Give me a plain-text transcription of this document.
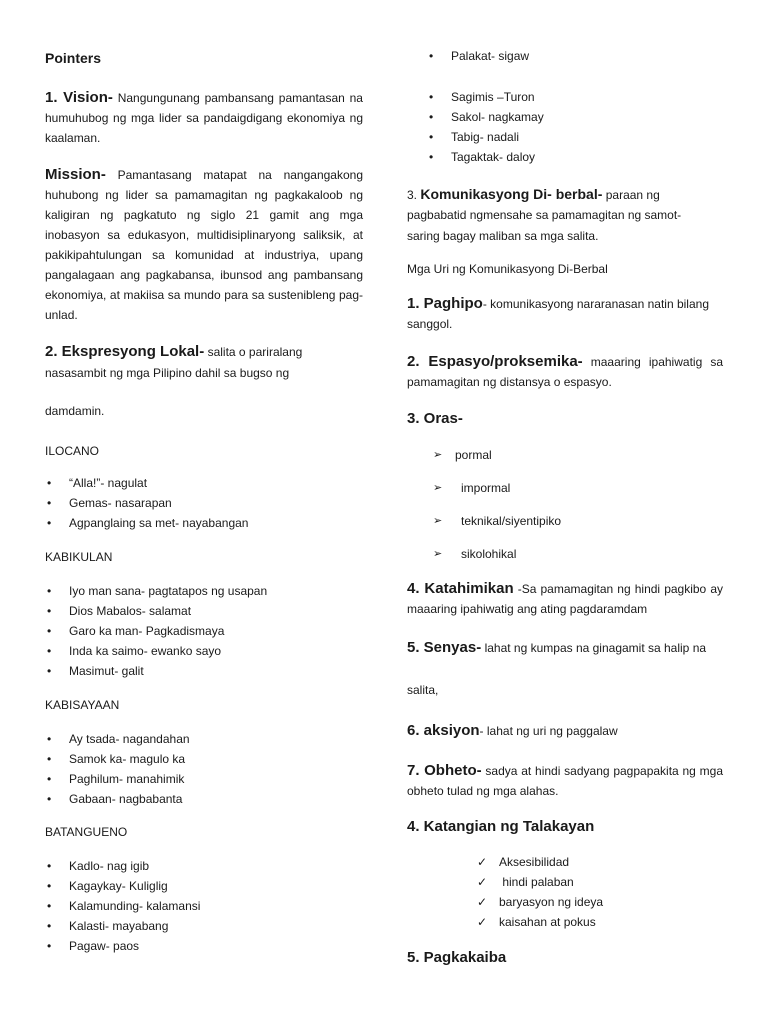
Pointers
1. Vision- Nangungunang pambansang pamantasan na humuhubog ng mga lider sa pandaigdigang ekonomiya ng kaalaman.
Mission- Pamantasang matapat na nangangakong huhubong ng lider sa pamamagitan ng pagkakaloob ng kaligiran ng pagkatuto ng siglo 21 gamit ang mga inobasyon sa edukasyon, multidisiplinaryong saliksik, at pakikipahtulungan sa komunidad at industriya, upang pangalagaan ang pagkabansa, ibunsod ang pambansang ekonomiya, at makiisa sa mundo para sa sustenibleng pag-unlad.
2. Ekspresyong Lokal- salita o pariralang
nasasambit ng mga Pilipino dahil sa bugso ng
damdamin.
ILOCANO
• “Alla!”- nagulat
• Gemas- nasarapan
• Agpanglaing sa met- nayabangan
KABIKULAN
• Iyo man sana- pagtatapos ng usapan
• Dios Mabalos- salamat
• Garo ka man- Pagkadismaya
• Inda ka saimo- ewanko sayo
• Masimut- galit
KABISAYAAN
• Ay tsada- nagandahan
• Samok ka- magulo ka
• Paghilum- manahimik
• Gabaan- nagbabanta
BATANGUENO
• Kadlo- nag igib
• Kagaykay- Kuliglig
• Kalamunding- kalamansi
• Kalasti- mayabang
• Pagaw- paos
• Palakat- sigaw
• Sagimis –Turon
• Sakol- nagkamay
• Tabig- nadali
• Tagaktak- daloy
3. Komunikasyong Di- berbal- paraan ng
pagbabatid ngmensahe sa pamamagitan ng samot-
saring bagay maliban sa mga salita.
Mga Uri ng Komunikasyong Di-Berbal
1. Paghipo- komunikasyong nararanasan natin bilang sanggol.
2. Espasyo/proksemika- maaaring ipahiwatig sa pamamagitan ng distansya o espasyo.
3. Oras-
➢ pormal
➢ impormal
➢ teknikal/siyentipiko
➢ sikolohikal
4. Katahimikan -Sa pamamagitan ng hindi pagkibo ay maaaring ipahiwatig ang ating pagdaramdam
5. Senyas- lahat ng kumpas na ginagamit sa halip na
salita,
6. aksiyon- lahat ng uri ng paggalaw
7. Obheto- sadya at hindi sadyang pagpapakita ng mga obheto tulad ng mga alahas.
4. Katangian ng Talakayan
✓ Aksesibilidad
✓ hindi palaban
✓ baryasyon ng ideya
✓ kaisahan at pokus
5. Pagkakaiba
